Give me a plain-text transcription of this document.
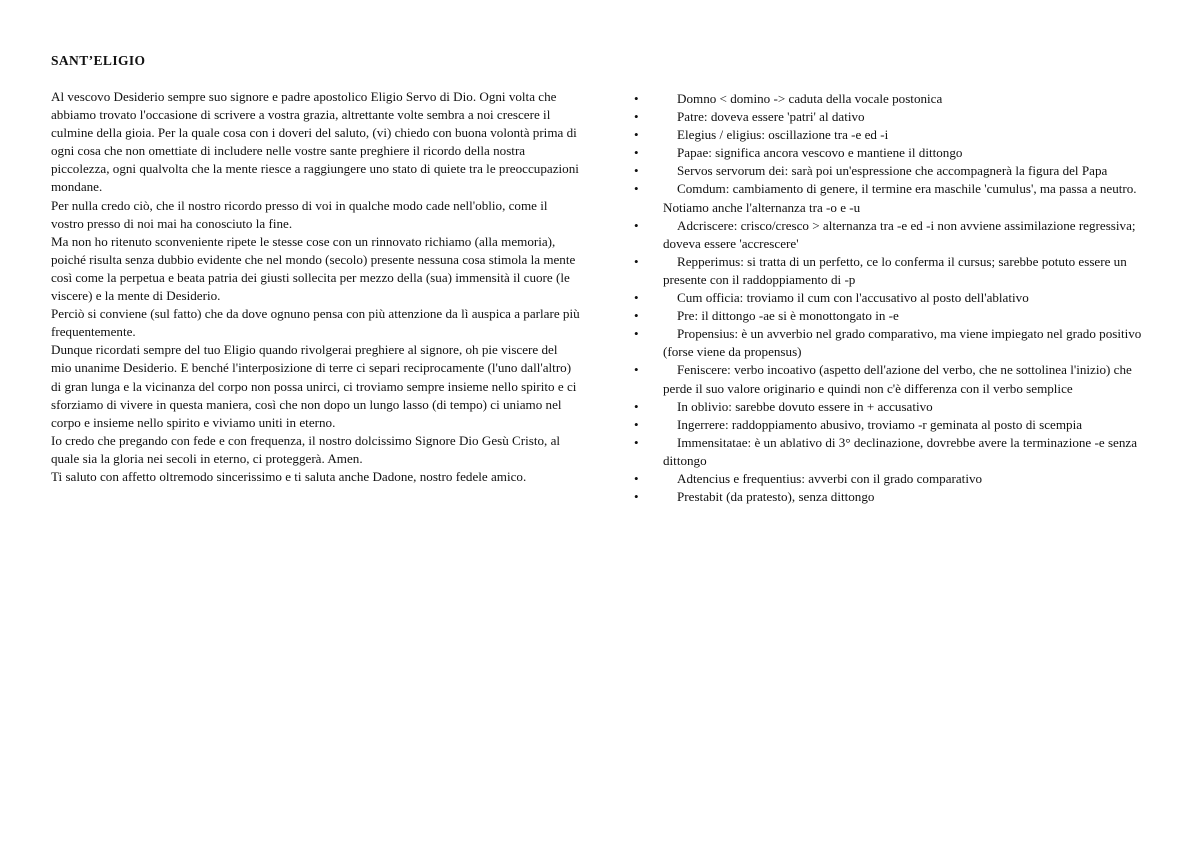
SANT’ELIGIO

Al vescovo Desiderio sempre suo signore e padre apostolico Eligio Servo di Dio. Ogni volta che abbiamo trovato l'occasione di scrivere a vostra grazia, altrettante volte sembra a noi crescere il culmine della gioia. Per la quale cosa con i doveri del saluto, (vi) chiedo con buona volontà prima di ogni cosa che non omettiate di includere nelle vostre sante preghiere il ricordo della nostra piccolezza, ogni qualvolta che la mente riesce a raggiungere uno stato di quiete tra le preoccupazioni mondane.

Per nulla credo ciò, che il nostro ricordo presso di voi in qualche modo cade nell'oblio, come il vostro presso di noi mai ha conosciuto la fine.

Ma non ho ritenuto sconveniente ripete le stesse cose con un rinnovato richiamo (alla memoria), poiché risulta senza dubbio evidente che nel mondo (secolo) presente nessuna cosa stimola la mente così come la perpetua e beata patria dei giusti sollecita per mezzo della (sua) immensità il cuore (le viscere) e la mente di Desiderio.

Perciò si conviene (sul fatto) che da dove ognuno pensa con più attenzione da lì auspica a parlare più frequentemente.

Dunque ricordati sempre del tuo Eligio quando rivolgerai preghiere al signore, oh pie viscere del mio unanime Desiderio. E benché l'interposizione di terre ci separi reciprocamente (l'uno dall'altro) di gran lunga e la vicinanza del corpo non possa unirci, ci troviamo sempre insieme nello spirito e ci sforziamo di vivere in questa maniera, così che non dopo un lungo lasso (di tempo) ci uniamo nel corpo e insieme nello spirito e viviamo uniti in eterno.

Io credo che pregando con fede e con frequenza, il nostro dolcissimo Signore Dio Gesù Cristo, al quale sia la gloria nei secoli in eterno, ci proteggerà. Amen.

Ti saluto con affetto oltremodo sincerissimo e ti saluta anche Dadone, nostro fedele amico.

•	Domno < domino -> caduta della vocale postonica
•	Patre: doveva essere 'patri' al dativo
•	Elegius / eligius: oscillazione tra -e ed -i
•	Papae: significa ancora vescovo e mantiene il dittongo
•	Servos servorum dei: sarà poi un'espressione che accompagnerà la figura del Papa
•	Comdum: cambiamento di genere, il termine era maschile 'cumulus', ma passa a neutro. Notiamo anche l'alternanza tra -o e -u
•	Adcriscere: crisco/cresco > alternanza tra -e ed -i non avviene assimilazione regressiva; doveva essere 'accrescere'
•	Repperimus: si tratta di un perfetto, ce lo conferma il cursus; sarebbe potuto essere un presente con il raddoppiamento di -p
•	Cum officia: troviamo il cum con l'accusativo al posto dell'ablativo
•	Pre: il dittongo -ae si è monottongato in -e
•	Propensius: è un avverbio nel grado comparativo, ma viene impiegato nel grado positivo (forse viene da propensus)
•	Feniscere: verbo incoativo (aspetto dell'azione del verbo, che ne sottolinea l'inizio) che perde il suo valore originario e quindi non c'è differenza con il verbo semplice
•	In oblivio: sarebbe dovuto essere in + accusativo
•	Ingerrere: raddoppiamento abusivo, troviamo -r geminata al posto di scempia
•	Immensitatae: è un ablativo di 3° declinazione, dovrebbe avere la terminazione -e senza dittongo
•	Adtencius e frequentius: avverbi con il grado comparativo
•	Prestabit (da pratesto), senza dittongo
